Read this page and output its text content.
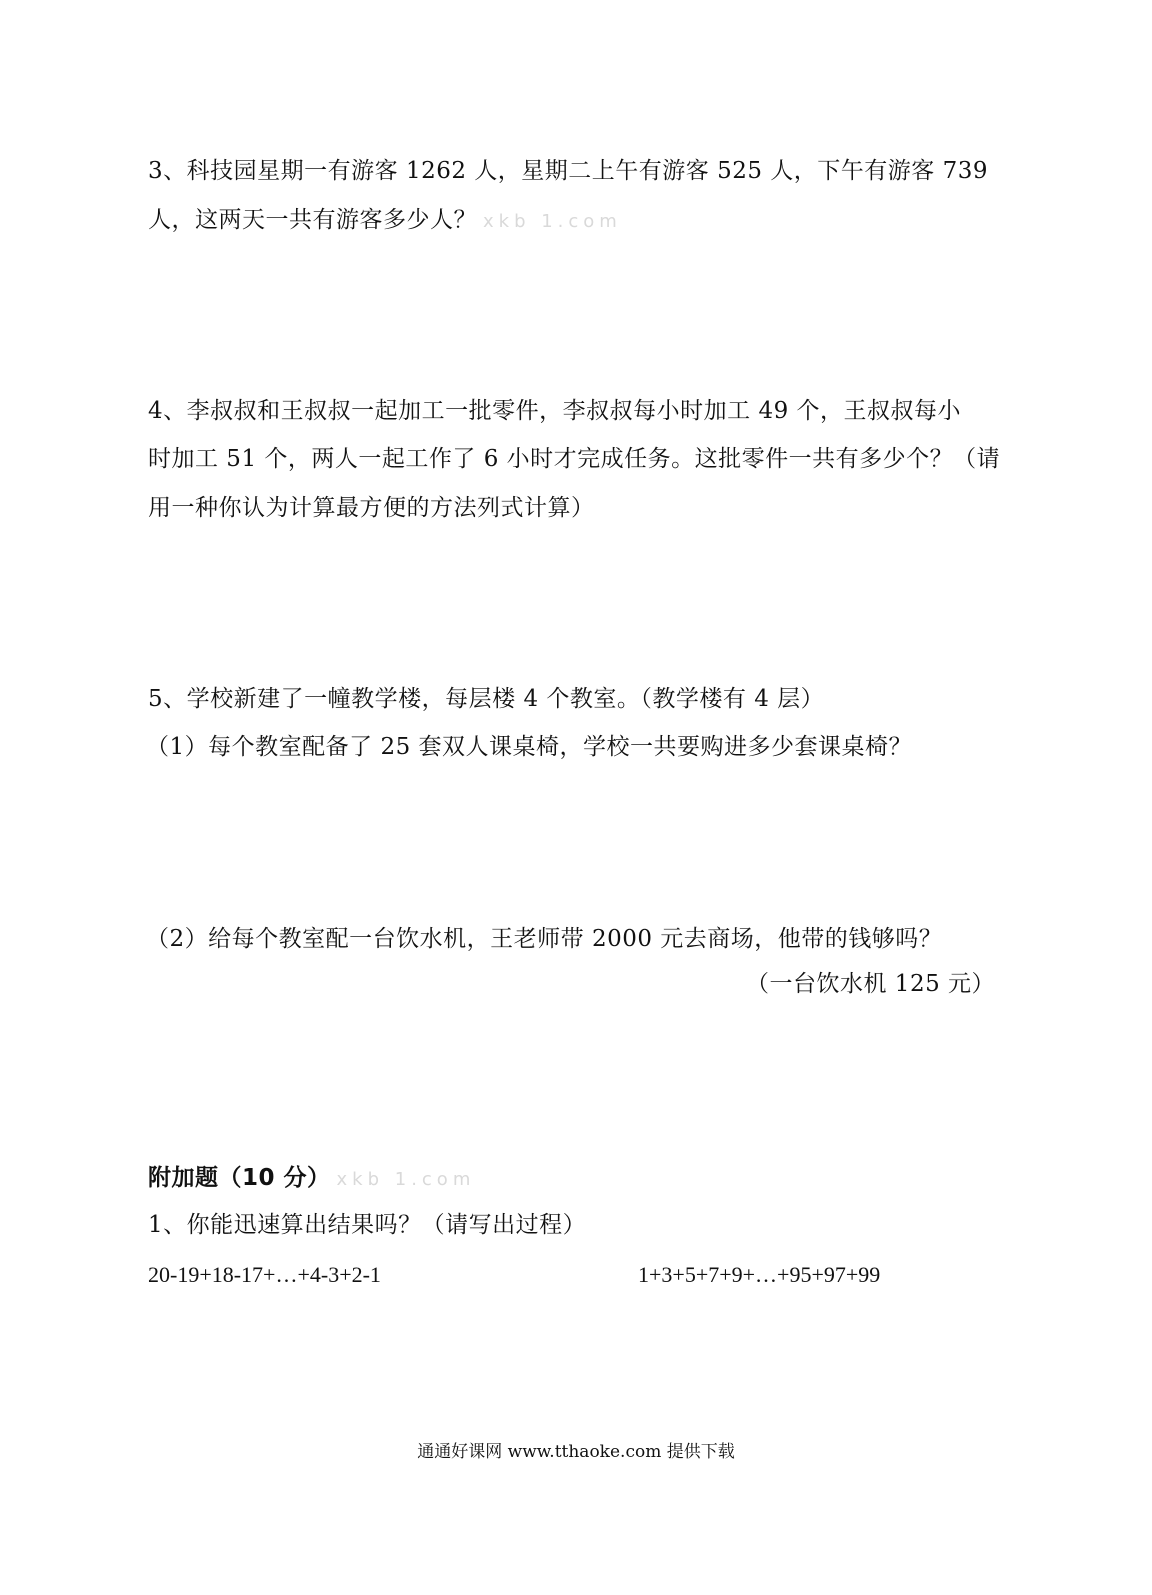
3、科技园星期一有游客 1262 人，星期二上午有游客 525 人，下午有游客 739
人，这两天一共有游客多少人？ xkb 1.com
4、李叔叔和王叔叔一起加工一批零件，李叔叔每小时加工 49 个，王叔叔每小
时加工 51 个，两人一起工作了 6 小时才完成任务。这批零件一共有多少个？（请
用一种你认为计算最方便的方法列式计算）
5、学校新建了一幢教学楼，每层楼 4 个教室。（教学楼有 4 层）
（1）每个教室配备了 25 套双人课桌椅，学校一共要购进多少套课桌椅？
（2）给每个教室配一台饮水机，王老师带 2000 元去商场，他带的钱够吗？
（一台饮水机 125 元）
附加题（10 分） xkb 1.com
1、你能迅速算出结果吗？（请写出过程）
20-19+18-17+…+4-3+2-1	1+3+5+7+9+…+95+97+99
通通好课网 www.tthaoke.com 提供下载
